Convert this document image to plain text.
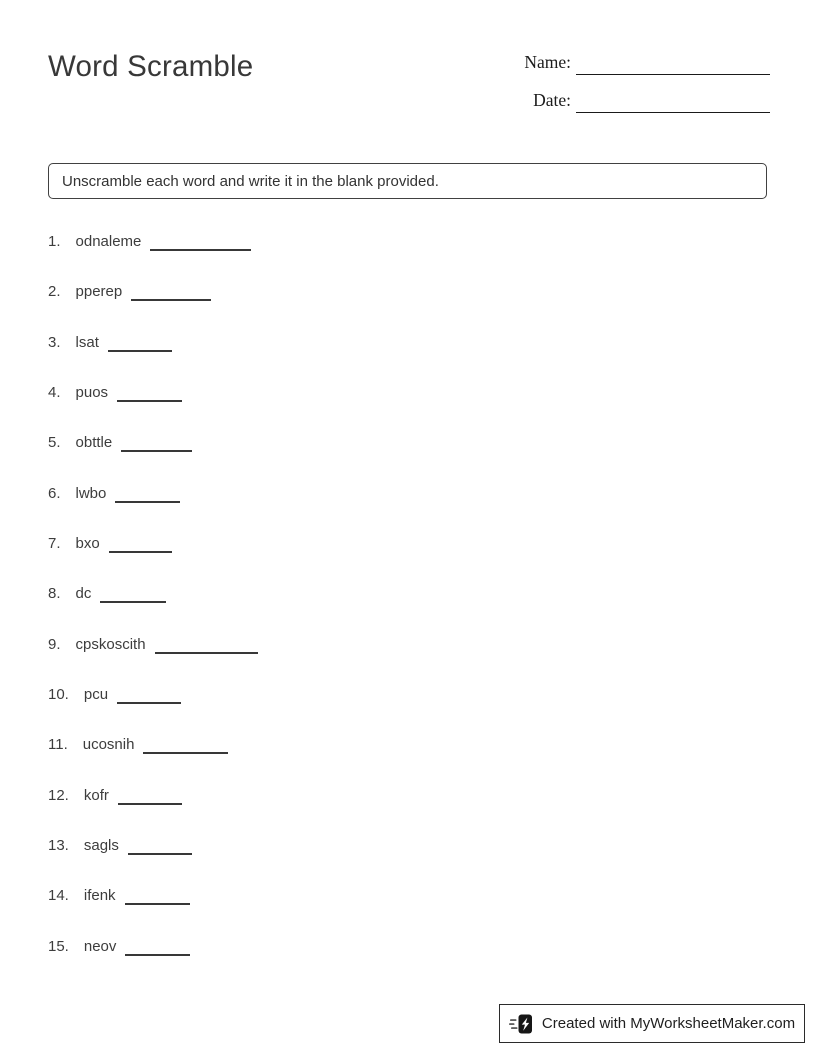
Word Scramble	Name:
Date:
Unscramble each word and write it in the blank provided.
1. odnaleme
2. pperep
3. lsat
4. puos
5. obttle
6. lwbo
7. bxo
8. dc
9. cpskoscith
10. pcu
11. ucosnih
12. kofr
13. sagls
14. ifenk
15. neov
Created with MyWorksheetMaker.com
